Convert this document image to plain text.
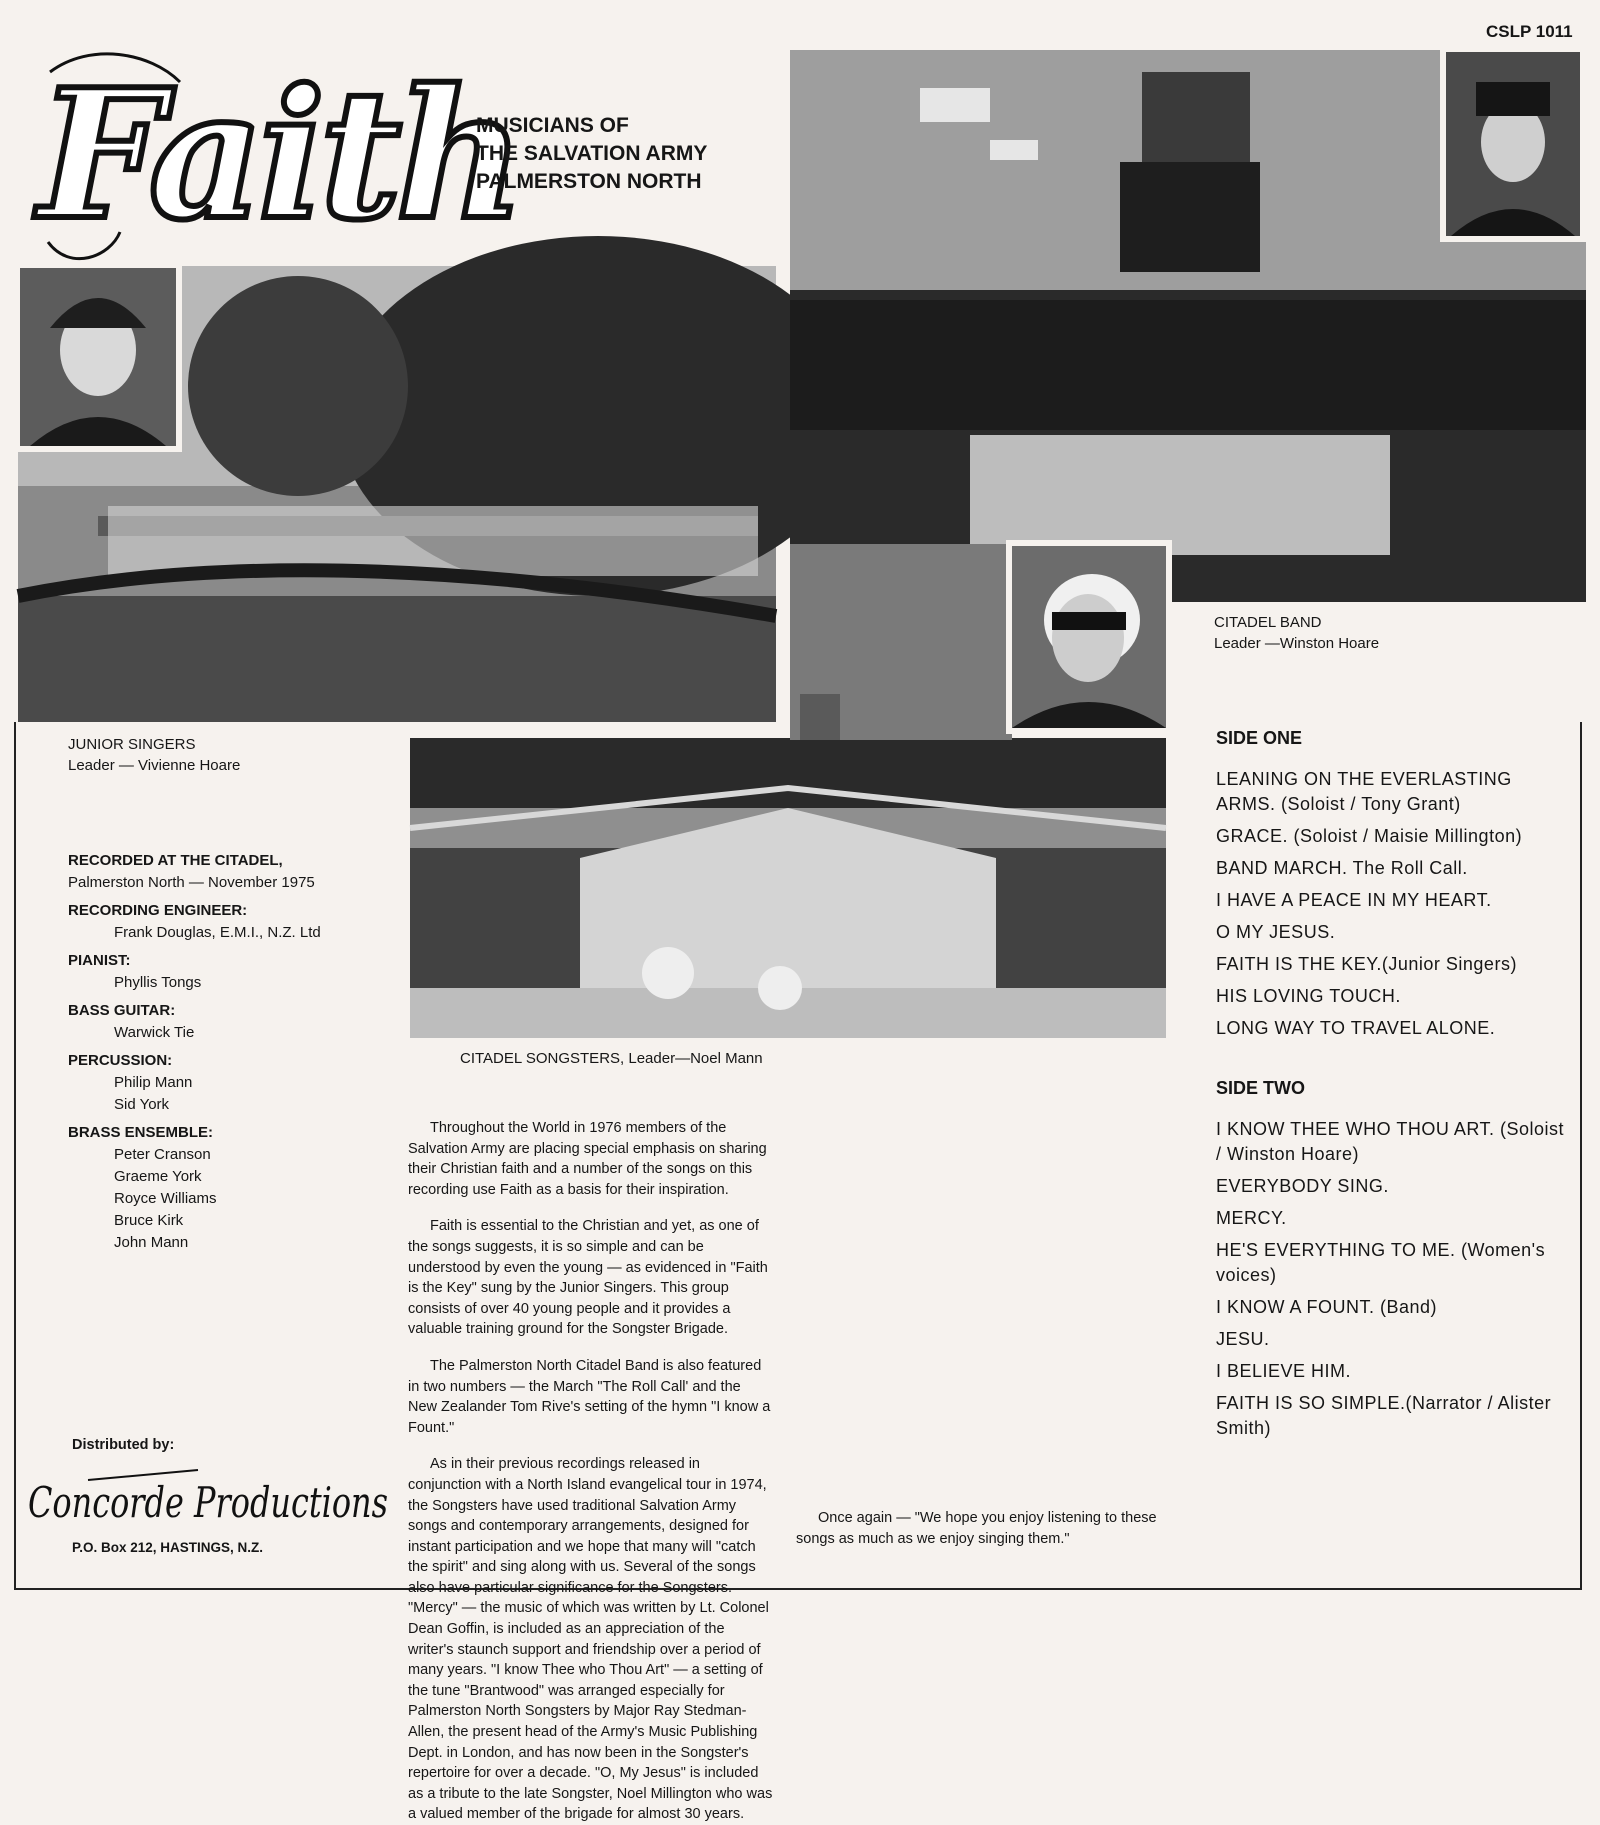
CSLP 1011
Faith
MUSICIANS OF
THE SALVATION ARMY
PALMERSTON NORTH
JUNIOR SINGERS
Leader — Vivienne Hoare
CITADEL BAND
Leader —Winston Hoare
CITADEL SONGSTERS, Leader—Noel Mann
RECORDED AT THE CITADEL,
Palmerston North — November 1975
RECORDING ENGINEER:
Frank Douglas, E.M.I., N.Z. Ltd
PIANIST:
Phyllis Tongs
BASS GUITAR:
Warwick Tie
PERCUSSION:
Philip Mann
Sid York
BRASS ENSEMBLE:
Peter Cranson
Graeme York
Royce Williams
Bruce Kirk
John Mann
SIDE ONE
LEANING ON THE EVERLASTING ARMS. (Soloist / Tony Grant)
GRACE. (Soloist / Maisie Millington)
BAND MARCH. The Roll Call.
I HAVE A PEACE IN MY HEART.
O MY JESUS.
FAITH IS THE KEY.(Junior Singers)
HIS LOVING TOUCH.
LONG WAY TO TRAVEL ALONE.
SIDE TWO
I KNOW THEE WHO THOU ART. (Soloist / Winston Hoare)
EVERYBODY SING.
MERCY.
HE'S EVERYTHING TO ME. (Women's voices)
I KNOW A FOUNT. (Band)
JESU.
I BELIEVE HIM.
FAITH IS SO SIMPLE.(Narrator / Alister Smith)

Throughout the World in 1976 members of the Salvation Army are placing special emphasis on sharing their Christian faith and a number of the songs on this recording use Faith as a basis for their inspiration.

Faith is essential to the Christian and yet, as one of the songs suggests, it is so simple and can be understood by even the young — as evidenced in "Faith is the Key" sung by the Junior Singers. This group consists of over 40 young people and it provides a valuable training ground for the Songster Brigade.

The Palmerston North Citadel Band is also featured in two numbers — the March "The Roll Call' and the New Zealander Tom Rive's setting of the hymn "I know a Fount."

As in their previous recordings released in conjunction with a North Island evangelical tour in 1974, the Songsters have used traditional Salvation Army songs and contemporary arrangements, designed for instant participation and we hope that many will "catch the spirit" and sing along with us. Several of the songs also have particular significance for the Songsters. "Mercy" — the music of which was written by Lt. Colonel Dean Goffin, is included as an appreciation of the writer's staunch support and friendship over a period of many years. "I know Thee who Thou Art" — a setting of the tune "Brantwood" was arranged especially for Palmerston North Songsters by Major Ray Stedman-Allen, the present head of the Army's Music Publishing Dept. in London, and has now been in the Songster's repertoire for over a decade. "O, My Jesus" is included as a tribute to the late Songster, Noel Millington who was a valued member of the brigade for almost 30 years.

Once again — "We hope you enjoy listening to these songs as much as we enjoy singing them."

Distributed by:
Concorde Productions
P.O. Box 212, HASTINGS, N.Z.
